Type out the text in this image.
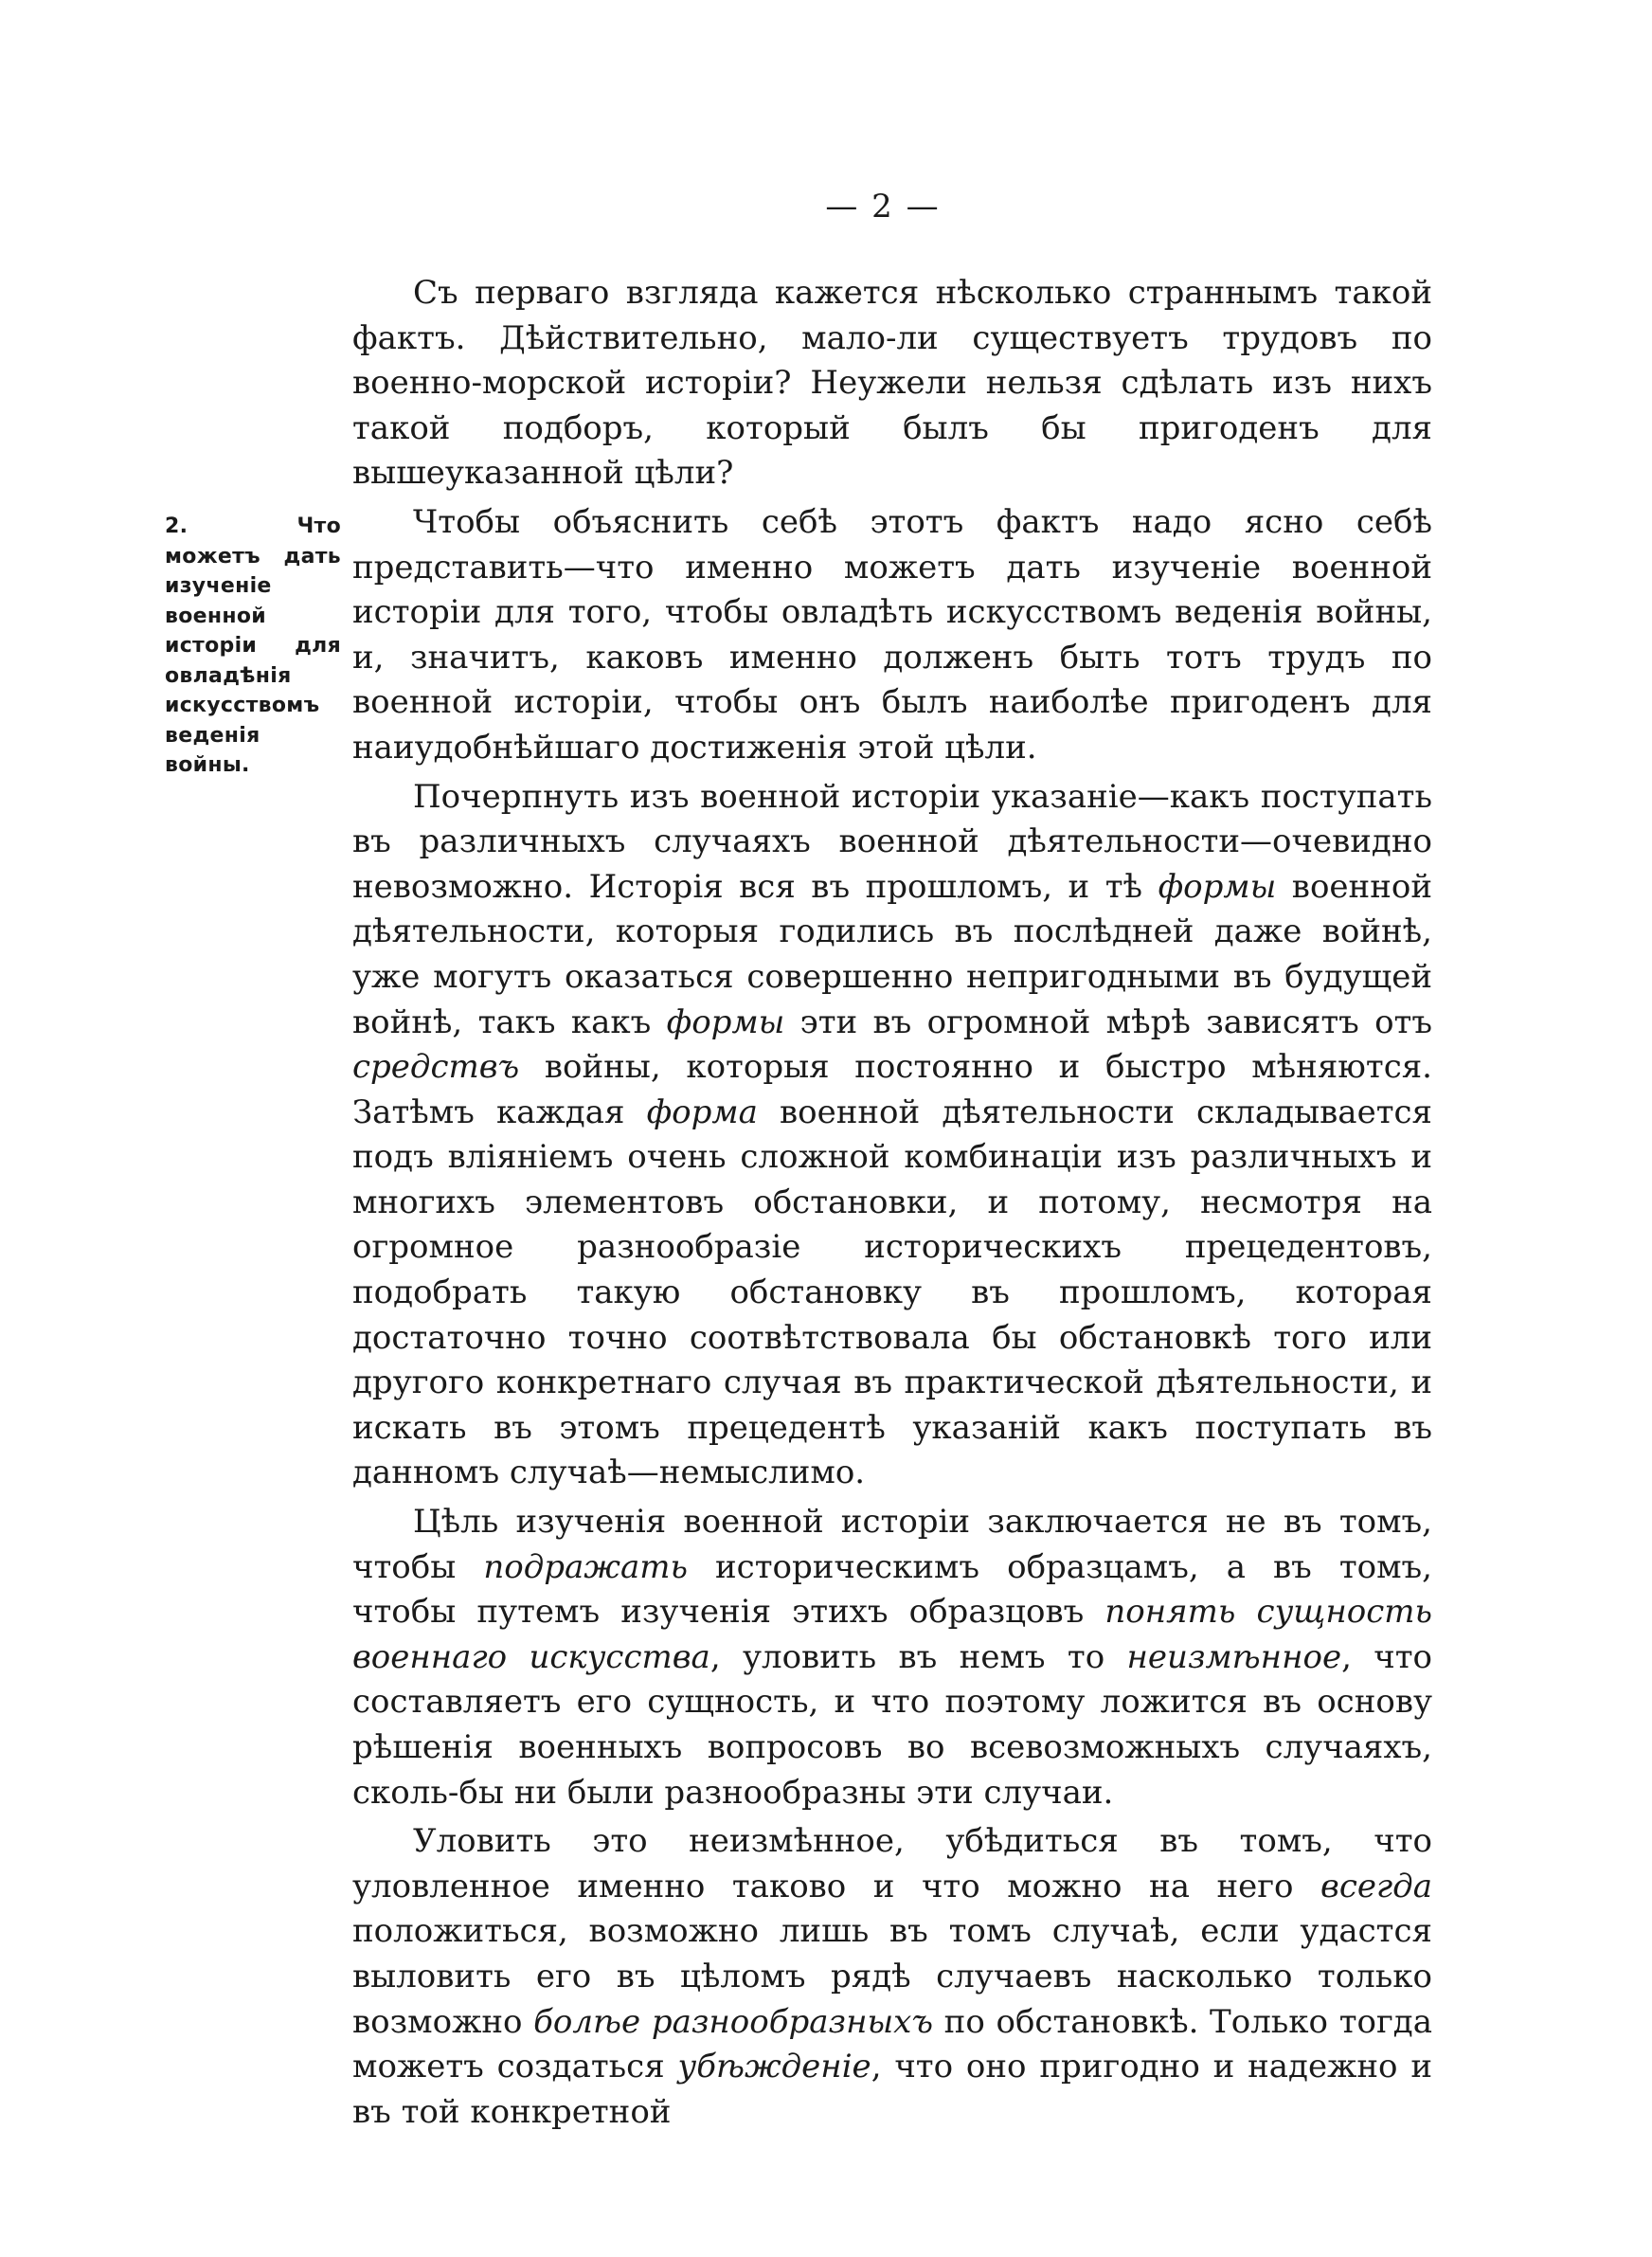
— 2 —
2. Что можетъ дать изученіе военной исторіи для овладѣнія искусствомъ веденія войны.

Съ перваго взгляда кажется нѣсколько страннымъ такой фактъ. Дѣйствительно, мало-ли существуетъ трудовъ по военно-морской исторіи? Неужели нельзя сдѣлать изъ нихъ такой подборъ, который былъ бы пригоденъ для вышеуказанной цѣли?

Чтобы объяснить себѣ этотъ фактъ надо ясно себѣ представить—что именно можетъ дать изученіе военной исторіи для того, чтобы овладѣть искусствомъ веденія войны, и, значитъ, каковъ именно долженъ быть тотъ трудъ по военной исторіи, чтобы онъ былъ наиболѣе пригоденъ для наиудобнѣйшаго достиженія этой цѣли.

Почерпнуть изъ военной исторіи указаніе—какъ поступать въ различныхъ случаяхъ военной дѣятельности—очевидно невозможно. Исторія вся въ прошломъ, и тѣ формы военной дѣятельности, которыя годились въ послѣдней даже войнѣ, уже могутъ оказаться совершенно непригодными въ будущей войнѣ, такъ какъ формы эти въ огромной мѣрѣ зависятъ отъ средствъ войны, которыя постоянно и быстро мѣняются. Затѣмъ каждая форма военной дѣятельности складывается подъ вліяніемъ очень сложной комбинаціи изъ различныхъ и многихъ элементовъ обстановки, и потому, несмотря на огромное разнообразіе историческихъ прецедентовъ, подобрать такую обстановку въ прошломъ, которая достаточно точно соотвѣтствовала бы обстановкѣ того или другого конкретнаго случая въ практической дѣятельности, и искать въ этомъ прецедентѣ указаній какъ поступать въ данномъ случаѣ—немыслимо.

Цѣль изученія военной исторіи заключается не въ томъ, чтобы подражать историческимъ образцамъ, а въ томъ, чтобы путемъ изученія этихъ образцовъ понять сущность военнаго искусства, уловить въ немъ то неизмѣнное, что составляетъ его сущность, и что поэтому ложится въ основу рѣшенія военныхъ вопросовъ во всевозможныхъ случаяхъ, сколь-бы ни были разнообразны эти случаи.

Уловить это неизмѣнное, убѣдиться въ томъ, что уловленное именно таково и что можно на него всегда положиться, возможно лишь въ томъ случаѣ, если удастся выловить его въ цѣломъ рядѣ случаевъ насколько только возможно болѣе разнообразныхъ по обстановкѣ. Только тогда можетъ создаться убѣжденіе, что оно пригодно и надежно и въ той конкретной
